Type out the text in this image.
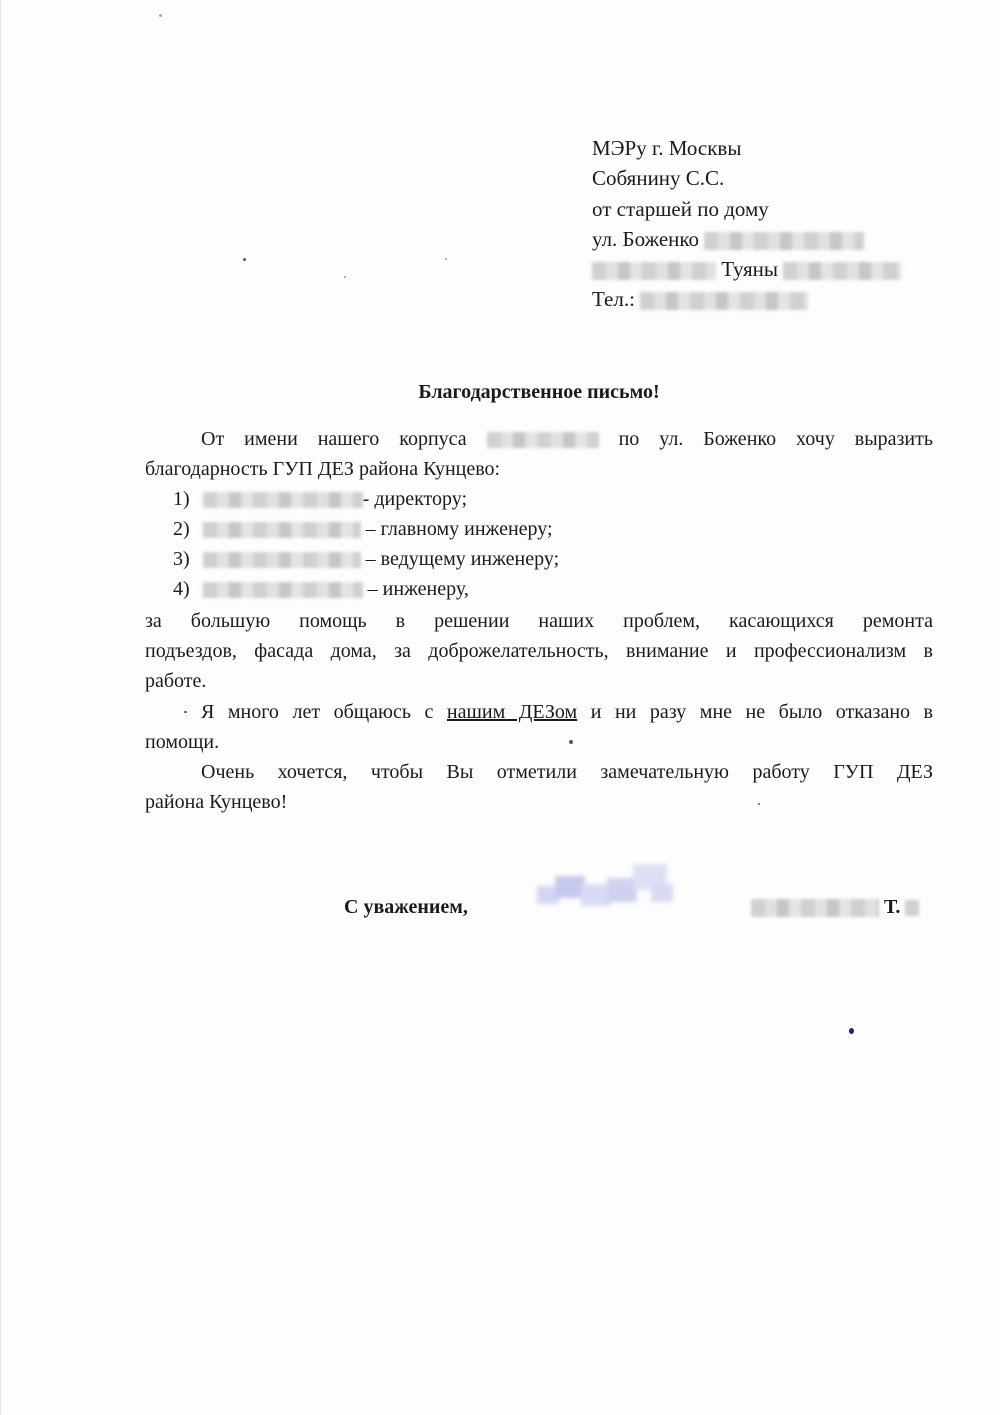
МЭРу г. Москвы
Собянину С.С.
от старшей по дому
ул. Боженко
Туяны
Тел.:
Благодарственное письмо!
От имени нашего корпуса	по ул. Боженко хочу выразить
благодарность ГУП ДЕЗ района Кунцево:
1)	- директору;
2)	– главному инженеру;
3)	– ведущему инженеру;
4)	– инженеру,
за большую помощь в решении наших проблем, касающихся ремонта
подъездов, фасада дома, за доброжелательность, внимание и профессионализм в
работе.
Я много лет общаюсь с нашим ДЕЗом и ни разу мне не было отказано в
помощи.
Очень хочется, чтобы Вы отметили замечательную работу ГУП ДЕЗ
района Кунцево!
С уважением,	Т.
